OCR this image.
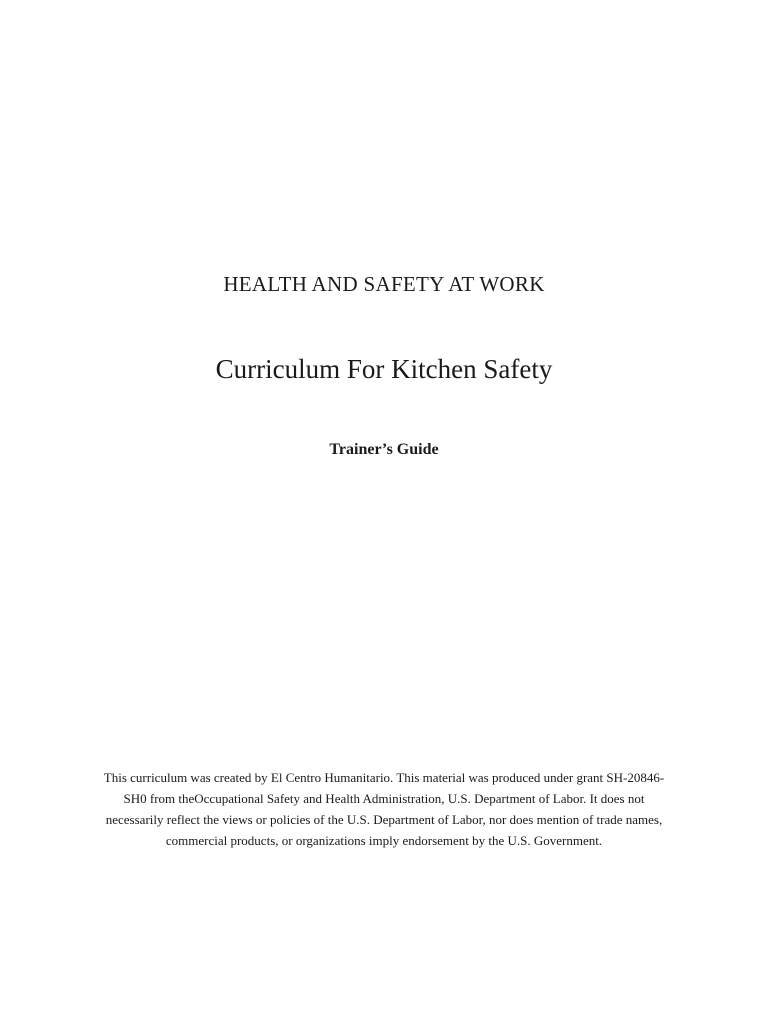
HEALTH AND SAFETY AT WORK
Curriculum For Kitchen Safety
Trainer’s Guide

This curriculum was created by El Centro Humanitario. This material was produced under grant SH-20846-SH0 from theOccupational Safety and Health Administration, U.S. Department of Labor. It does not necessarily reflect the views or policies of the U.S. Department of Labor, nor does mention of trade names, commercial products, or organizations imply endorsement by the U.S. Government.
